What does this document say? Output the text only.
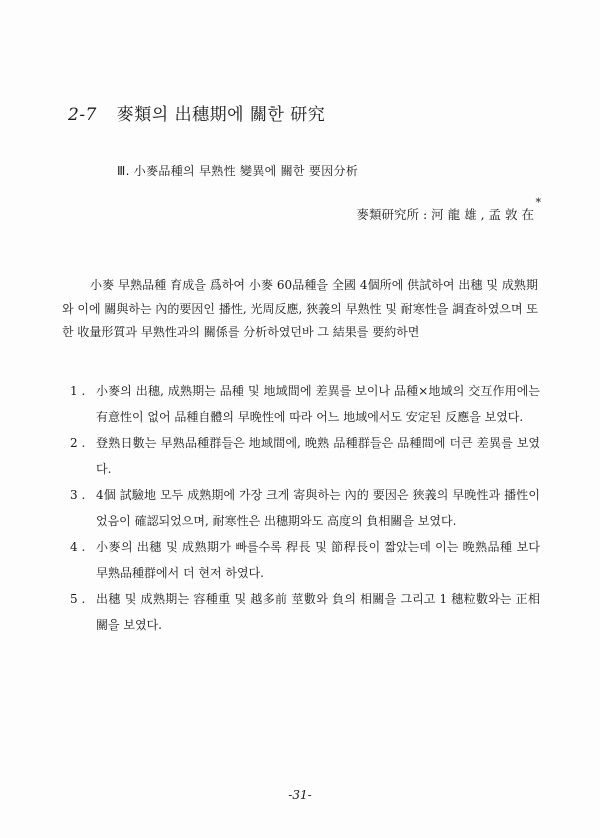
2-7 麥類의 出穗期에 關한 研究
Ⅲ. 小麥品種의 早熟性 變異에 關한 要因分析
麥類研究所 : 河 龍 雄 , 孟 敦 在
*

小麥 早熟品種 育成을 爲하여 小麥 60品種을 全國 4個所에 供試하여 出穗 및 成熟期와 이에 關與하는 內的要因인 播性, 光周反應, 狹義의 早熟性 및 耐寒性을 調査하였으며 또한 收量形質과 早熟性과의 關係를 分析하였던바 그 結果를 要約하면

1 . 小麥의 出穗, 成熟期는 品種 및 地域間에 差異를 보이나 品種×地域의 交互作用에는 有意性이 없어 品種自體의 早晚性에 따라 어느 地域에서도 安定된 反應을 보였다.
2 . 登熟日數는 早熟品種群들은 地域間에, 晚熟 品種群들은 品種間에 더큰 差異를 보였다.
3 . 4個 試驗地 모두 成熟期에 가장 크게 寄與하는 內的 要因은 狹義의 早晚性과 播性이었음이 確認되었으며, 耐寒性은 出穗期와도 高度의 負相關을 보였다.
4 . 小麥의 出穗 및 成熟期가 빠를수록 稈長 및 節稈長이 짧았는데 이는 晚熟品種 보다 早熟品種群에서 더 현저 하였다.
5 . 出穗 및 成熟期는 容種重 및 越多前 莖數와 負의 相關을 그리고 1 穗粒數와는 正相關을 보였다.
-31-
